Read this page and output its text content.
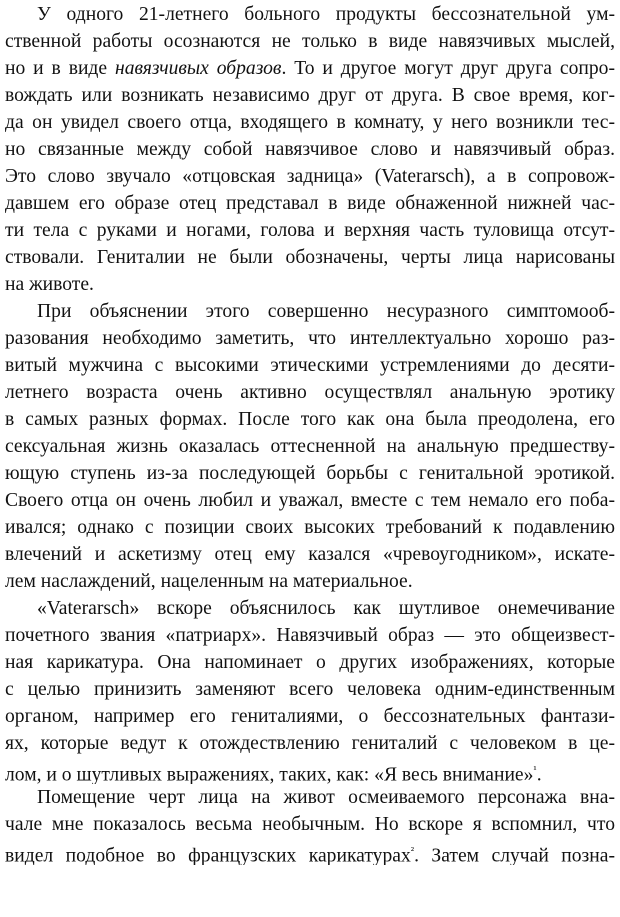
У одного 21-летнего больного продукты бессознательной ум-
ственной работы осознаются не только в виде навязчивых мыслей,
но и в виде навязчивых образов. То и другое могут друг друга сопро-
вождать или возникать независимо друг от друга. В свое время, ког-
да он увидел своего отца, входящего в комнату, у него возникли тес-
но связанные между собой навязчивое слово и навязчивый образ.
Это слово звучало «отцовская задница» (Vaterarsch), а в сопровож-
давшем его образе отец представал в виде обнаженной нижней час-
ти тела с руками и ногами, голова и верхняя часть туловища отсут-
ствовали. Гениталии не были обозначены, черты лица нарисованы
на животе.
При объяснении этого совершенно несуразного симптомооб-
разования необходимо заметить, что интеллектуально хорошо раз-
витый мужчина с высокими этическими устремлениями до десяти-
летнего возраста очень активно осуществлял анальную эротику
в самых разных формах. После того как она была преодолена, его
сексуальная жизнь оказалась оттесненной на анальную предшеству-
ющую ступень из-за последующей борьбы с генитальной эротикой.
Своего отца он очень любил и уважал, вместе с тем немало его поба-
ивался; однако с позиции своих высоких требований к подавлению
влечений и аскетизму отец ему казался «чревоугодником», искате-
лем наслаждений, нацеленным на материальное.
«Vaterarsch» вскоре объяснилось как шутливое онемечивание
почетного звания «патриарх». Навязчивый образ — это общеизвест-
ная карикатура. Она напоминает о других изображениях, которые
с целью принизить заменяют всего человека одним-единственным
органом, например его гениталиями, о бессознательных фантази-
ях, которые ведут к отождествлению гениталий с человеком в це-
лом, и о шутливых выражениях, таких, как: «Я весь внимание»$^{^1}$.
Помещение черт лица на живот осмеиваемого персонажа вна-
чале мне показалось весьма необычным. Но вскоре я вспомнил, что
видел подобное во французских карикатурах$^{^2}$. Затем случай позна-
